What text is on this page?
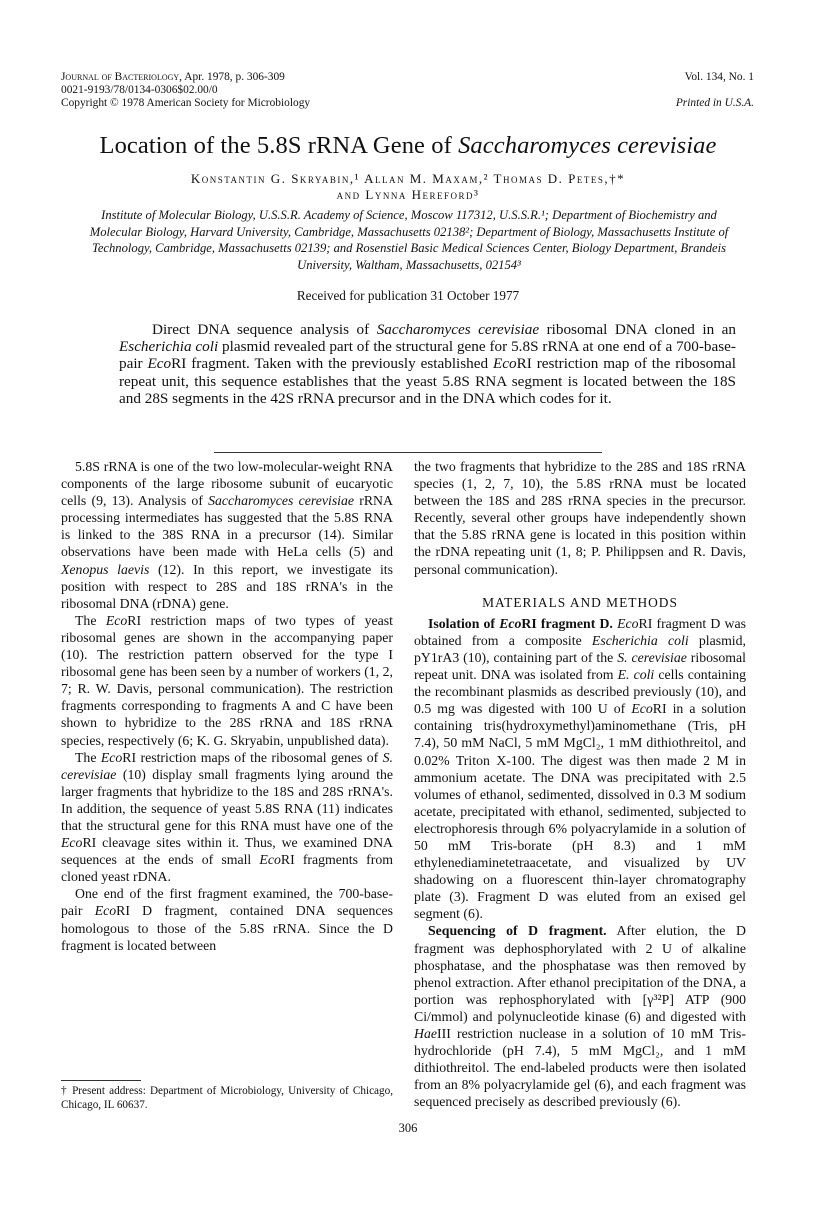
Journal of Bacteriology, Apr. 1978, p. 306-309
0021-9193/78/0134-0306$02.00/0
Copyright © 1978 American Society for Microbiology
Vol. 134, No. 1
Printed in U.S.A.
Location of the 5.8S rRNA Gene of Saccharomyces cerevisiae
Konstantin G. Skryabin,¹ Allan M. Maxam,² Thomas D. Petes,†*
and Lynna Hereford³
Institute of Molecular Biology, U.S.S.R. Academy of Science, Moscow 117312, U.S.S.R.¹; Department of Biochemistry and Molecular Biology, Harvard University, Cambridge, Massachusetts 02138²; Department of Biology, Massachusetts Institute of Technology, Cambridge, Massachusetts 02139; and Rosenstiel Basic Medical Sciences Center, Biology Department, Brandeis University, Waltham, Massachusetts, 02154³
Received for publication 31 October 1977

Direct DNA sequence analysis of Saccharomyces cerevisiae ribosomal DNA cloned in an Escherichia coli plasmid revealed part of the structural gene for 5.8S rRNA at one end of a 700-base-pair EcoRI fragment. Taken with the previously established EcoRI restriction map of the ribosomal repeat unit, this sequence establishes that the yeast 5.8S RNA segment is located between the 18S and 28S segments in the 42S rRNA precursor and in the DNA which codes for it.

5.8S rRNA is one of the two low-molecular-weight RNA components of the large ribosome subunit of eucaryotic cells (9, 13). Analysis of Saccharomyces cerevisiae rRNA processing intermediates has suggested that the 5.8S RNA is linked to the 38S RNA in a precursor (14). Similar observations have been made with HeLa cells (5) and Xenopus laevis (12). In this report, we investigate its position with respect to 28S and 18S rRNA's in the ribosomal DNA (rDNA) gene.

The EcoRI restriction maps of two types of yeast ribosomal genes are shown in the accompanying paper (10). The restriction pattern observed for the type I ribosomal gene has been seen by a number of workers (1, 2, 7; R. W. Davis, personal communication). The restriction fragments corresponding to fragments A and C have been shown to hybridize to the 28S rRNA and 18S rRNA species, respectively (6; K. G. Skryabin, unpublished data).

The EcoRI restriction maps of the ribosomal genes of S. cerevisiae (10) display small fragments lying around the larger fragments that hybridize to the 18S and 28S rRNA's. In addition, the sequence of yeast 5.8S RNA (11) indicates that the structural gene for this RNA must have one of the EcoRI cleavage sites within it. Thus, we examined DNA sequences at the ends of small EcoRI fragments from cloned yeast rDNA.

One end of the first fragment examined, the 700-base-pair EcoRI D fragment, contained DNA sequences homologous to those of the 5.8S rRNA. Since the D fragment is located between

the two fragments that hybridize to the 28S and 18S rRNA species (1, 2, 7, 10), the 5.8S rRNA must be located between the 18S and 28S rRNA species in the precursor. Recently, several other groups have independently shown that the 5.8S rRNA gene is located in this position within the rDNA repeating unit (1, 8; P. Philippsen and R. Davis, personal communication).

MATERIALS AND METHODS

Isolation of EcoRI fragment D. EcoRI fragment D was obtained from a composite Escherichia coli plasmid, pY1rA3 (10), containing part of the S. cerevisiae ribosomal repeat unit. DNA was isolated from E. coli cells containing the recombinant plasmids as described previously (10), and 0.5 mg was digested with 100 U of EcoRI in a solution containing tris(hydroxymethyl)aminomethane (Tris, pH 7.4), 50 mM NaCl, 5 mM MgCl₂, 1 mM dithiothreitol, and 0.02% Triton X-100. The digest was then made 2 M in ammonium acetate. The DNA was precipitated with 2.5 volumes of ethanol, sedimented, dissolved in 0.3 M sodium acetate, precipitated with ethanol, sedimented, subjected to electrophoresis through 6% polyacrylamide in a solution of 50 mM Tris-borate (pH 8.3) and 1 mM ethylenediaminetetraacetate, and visualized by UV shadowing on a fluorescent thin-layer chromatography plate (3). Fragment D was eluted from an exised gel segment (6).

Sequencing of D fragment. After elution, the D fragment was dephosphorylated with 2 U of alkaline phosphatase, and the phosphatase was then removed by phenol extraction. After ethanol precipitation of the DNA, a portion was rephosphorylated with [γ³²P] ATP (900 Ci/mmol) and polynucleotide kinase (6) and digested with HaeIII restriction nuclease in a solution of 10 mM Tris-hydrochloride (pH 7.4), 5 mM MgCl₂, and 1 mM dithiothreitol. The end-labeled products were then isolated from an 8% polyacrylamide gel (6), and each fragment was sequenced precisely as described previously (6).

† Present address: Department of Microbiology, University of Chicago, Chicago, IL 60637.
306
